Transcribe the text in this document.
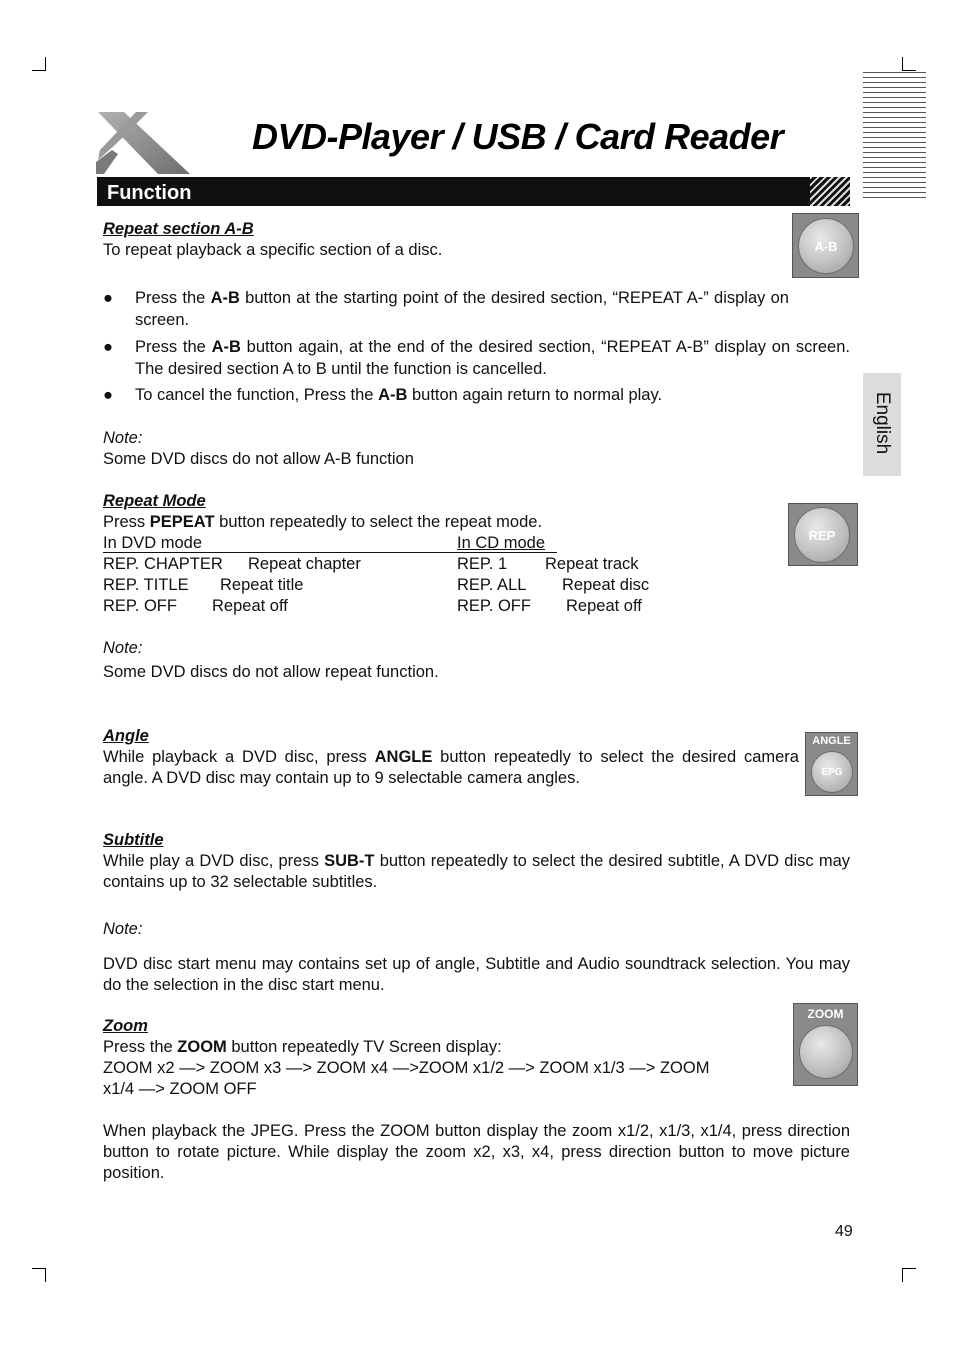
DVD-Player / USB / Card Reader
Function
English
Repeat section A-B
To repeat playback a specific section of a disc.	A-B
● Press the A-B button at the starting point of the desired section, “REPEAT A-” display on screen.
● Press the A-B button again, at the end of the desired section, “REPEAT A-B” display on screen. The desired section A to B until the function is cancelled.
● To cancel the function, Press the A-B button again return to normal play.
Note:
Some DVD discs do not allow A-B function
Repeat Mode
Press PEPEAT button repeatedly to select the repeat mode.
REP
In DVD mode	In CD mode
REP. CHAPTER Repeat chapter
REP. TITLE Repeat title
REP. OFF Repeat off
REP. 1 Repeat track
REP. ALL Repeat disc
REP. OFF Repeat off
Note:
Some DVD discs do not allow repeat function.
Angle
While playback a DVD disc, press ANGLE button repeatedly to select the desired camera angle. A DVD disc may contain up to 9 selectable camera angles.
ANGLE
EPG
Subtitle
While play a DVD disc, press SUB-T button repeatedly to select the desired subtitle, A DVD disc may contains up to 32 selectable subtitles.
Note:
DVD disc start menu may contains set up of angle, Subtitle and Audio soundtrack selection. You may do the selection in the disc start menu.
Zoom
Press the ZOOM button repeatedly TV Screen display:
ZOOM x2 —> ZOOM x3 —> ZOOM x4 —>ZOOM x1/2 —> ZOOM x1/3 —> ZOOM
x1/4 —> ZOOM OFF
ZOOM
When playback the JPEG. Press the ZOOM button display the zoom x1/2, x1/3, x1/4, press direction button to rotate picture. While display the zoom x2, x3, x4, press direction button to move picture position.
49
